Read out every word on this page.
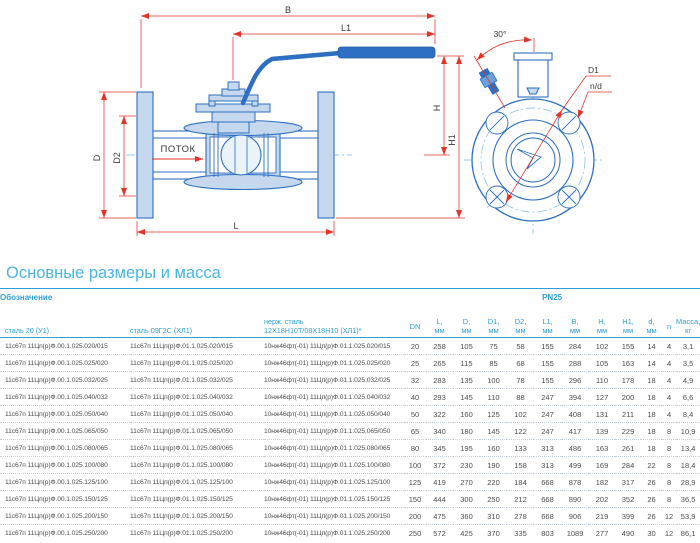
B
L1
H
H1
D D2
L
ПОТОК
30°
D1
n/d
Основные размеры и масса
Обозначение			PN25											
сталь 20 (У1)	сталь 09Г2С (ХЛ1)	
нерж. сталь
12Х18Н10Т/08Х18Н10 (ХЛ1)*	DN	L,
мм

D,
мм

D1,
мм

D2,
мм

L1,
мм

B,
мм

H,
мм

H1,
мм

d,
мм	n	Масса,
кг

11с67п 11Цп(р)Ф.00.1.025.020/015	11с67п 11Цп(р)Ф.01.1.025.020/015	10нж46фт(-01) 11Цп(р)Ф.01.1.025.020/015	20	258	105	75	58	155	284	102	155	14	4	3,1
11с67п 11Цп(р)Ф.00.1.025.025/020	11с67п 11Цп(р)Ф.01.1.025.025/020	10нж46фт(-01) 11Цп(р)Ф.01.1.025.025/020	25	265	115	85	68	155	288	105	163	14	4	3,5
11с67п 11Цп(р)Ф.00.1.025.032/025	11с67п 11Цп(р)Ф.01.1.025.032/025	10нж46фт(-01) 11Цп(р)Ф.01.1.025.032/025	32	283	135	100	78	155	296	110	178	18	4	4,9
11с67п 11Цп(р)Ф.00.1.025.040/032	11с67п 11Цп(р)Ф.01.1.025.040/032	10нж46фт(-01) 11Цп(р)Ф.01.1.025.040/032	40	293	145	110	88	247	394	127	200	18	4	6,6
11с67п 11Цп(р)Ф.00.1.025.050/040	11с67п 11Цп(р)Ф.01.1.025.050/040	10нж46фт(-01) 11Цп(р)Ф.01.1.025.050/040	50	322	160	125	102	247	408	131	211	18	4	8,4
11с67п 11Цп(р)Ф.00.1.025.065/050	11с67п 11Цп(р)Ф.01.1.025.065/050	10нж46фт(-01) 11Цп(р)Ф.01.1.025.065/050	65	340	180	145	122	247	417	139	229	18	8	10,9
11с67п 11Цп(р)Ф.00.1.025.080/065	11с67п 11Цп(р)Ф.01.1.025.080/065	10нж46фт(-01) 11Цп(р)Ф.01.1.025.080/065	80	345	195	160	133	313	486	163	261	18	8	13,4
11с67п 11Цп(р)Ф.00.1.025.100/080	11с67п 11Цп(р)Ф.01.1.025.100/080	10нж46фт(-01) 11Цп(р)Ф.01.1.025.100/080	100	372	230	190	158	313	499	169	284	22	8	18,4
11с67п 11Цп(р)Ф.00.1.025.125/100	11с67п 11Цп(р)Ф.01.1.025.125/100	10нж46фт(-01) 11Цп(р)Ф.01.1.025.125/100	125	419	270	220	184	668	878	182	317	26	8	28,9
11с67п 11Цп(р)Ф.00.1.025.150/125	11с67п 11Цп(р)Ф.01.1.025.150/125	10нж46фт(-01) 11Цп(р)Ф.01.1.025.150/125	150	444	300	250	212	668	890	202	352	26	8	36,5
11с67п 11Цп(р)Ф.00.1.025.200/150	11с67п 11Цп(р)Ф.01.1.025.200/150	10нж46фт(-01) 11Цп(р)Ф.01.1.025.200/150	200	475	360	310	278	668	906	219	399	26	12	53,9
11с67п 11Цп(р)Ф.00.1.025.250/200	11с67п 11Цп(р)Ф.01.1.025.250/200	10нж46фт(-01) 11Цп(р)Ф.01.1.025.250/200	250	572	425	370	335	803	1089	277	490	30	12	86,1
